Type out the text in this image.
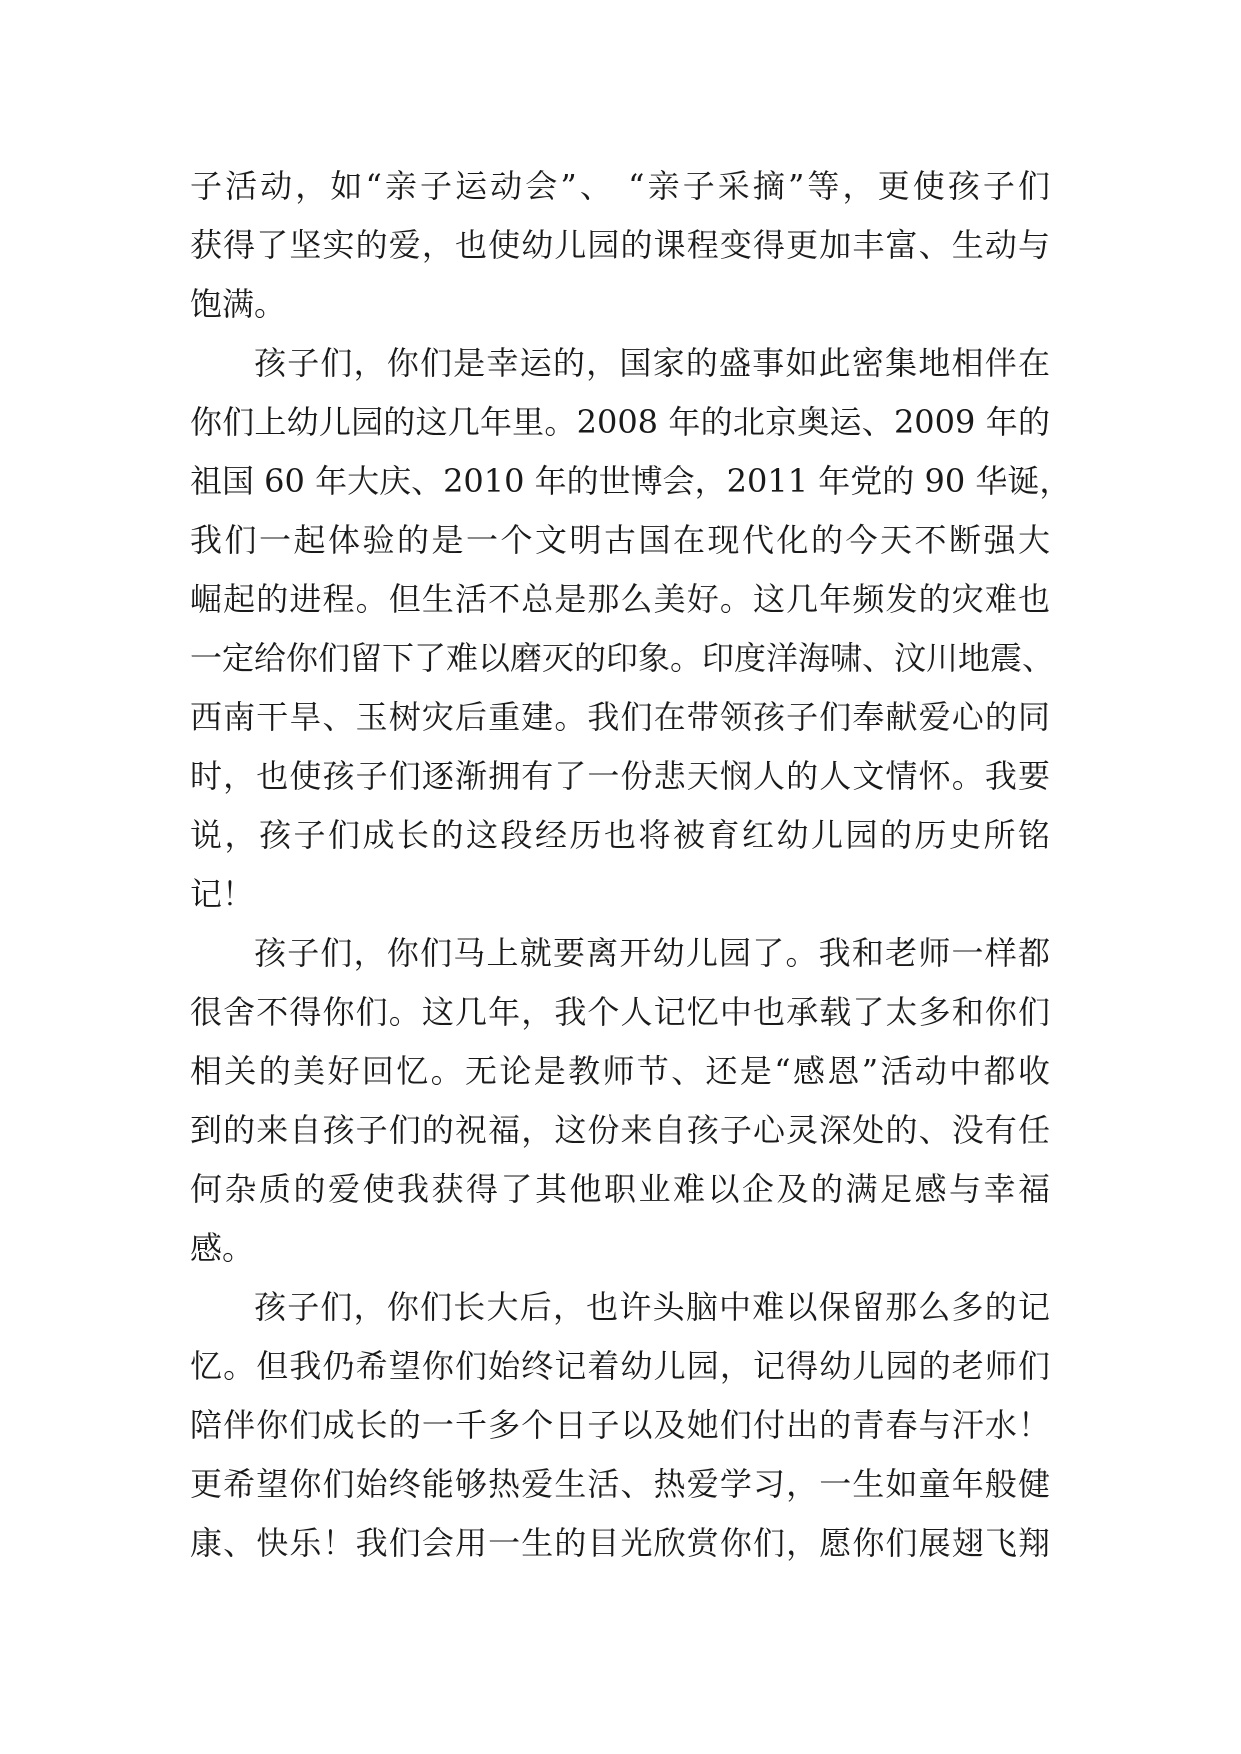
子活动，如“亲子运动会”、 “亲子采摘”等，更使孩子们
获得了坚实的爱，也使幼儿园的课程变得更加丰富、生动与
饱满。
孩子们，你们是幸运的，国家的盛事如此密集地相伴在
你们上幼儿园的这几年里。2008 年的北京奥运、2009 年的
祖国 60 年大庆、2010 年的世博会，2011 年党的 90 华诞，
我们一起体验的是一个文明古国在现代化的今天不断强大
崛起的进程。但生活不总是那么美好。这几年频发的灾难也
一定给你们留下了难以磨灭的印象。印度洋海啸、汶川地震、
西南干旱、玉树灾后重建。我们在带领孩子们奉献爱心的同
时，也使孩子们逐渐拥有了一份悲天悯人的人文情怀。我要
说，孩子们成长的这段经历也将被育红幼儿园的历史所铭
记！
孩子们，你们马上就要离开幼儿园了。我和老师一样都
很舍不得你们。这几年，我个人记忆中也承载了太多和你们
相关的美好回忆。无论是教师节、还是“感恩”活动中都收
到的来自孩子们的祝福，这份来自孩子心灵深处的、没有任
何杂质的爱使我获得了其他职业难以企及的满足感与幸福
感。
孩子们，你们长大后，也许头脑中难以保留那么多的记
忆。但我仍希望你们始终记着幼儿园，记得幼儿园的老师们
陪伴你们成长的一千多个日子以及她们付出的青春与汗水！
更希望你们始终能够热爱生活、热爱学习，一生如童年般健
康、快乐！我们会用一生的目光欣赏你们，愿你们展翅飞翔
